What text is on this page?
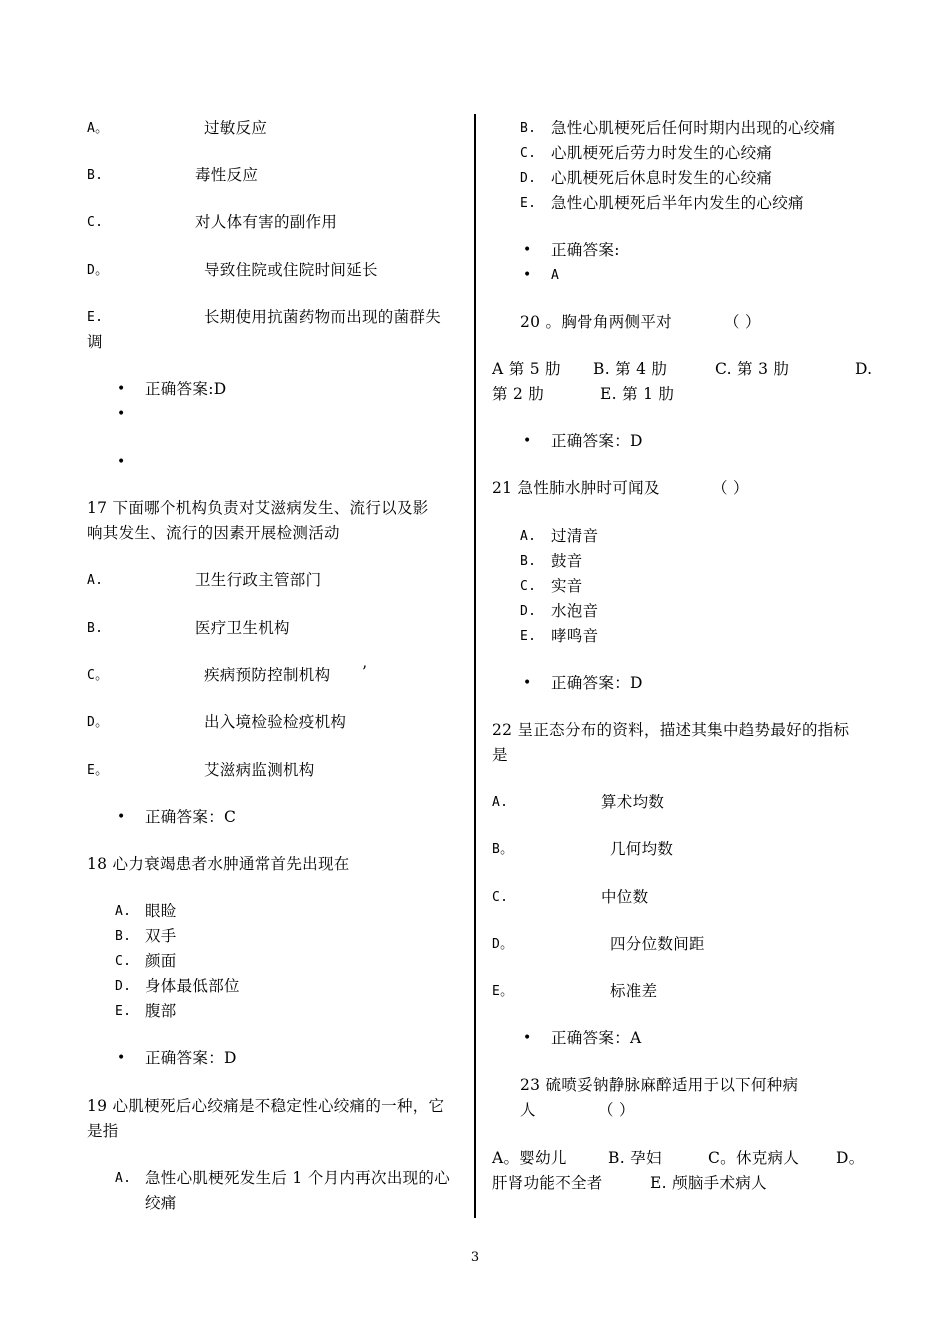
A。	过敏反应
B.	毒性反应
C.	对人体有害的副作用
D。	导致住院或住院时间延长
E.	长期使用抗菌药物而出现的菌群失
调
• 正确答案:D
•
•
17 下面哪个机构负责对艾滋病发生、流行以及影
响其发生、流行的因素开展检测活动
A.	卫生行政主管部门
B.	医疗卫生机构
C。	疾病预防控制机构 ’
D。	出入境检验检疫机构
E。	艾滋病监测机构
• 正确答案：C
18 心力衰竭患者水肿通常首先出现在
A. 眼睑
B. 双手
C. 颜面
D. 身体最低部位
E. 腹部
• 正确答案：D
19 心肌梗死后心绞痛是不稳定性心绞痛的一种，它
是指
A. 急性心肌梗死发生后 1 个月内再次出现的心
绞痛
B. 急性心肌梗死后任何时期内出现的心绞痛
C. 心肌梗死后劳力时发生的心绞痛
D. 心肌梗死后休息时发生的心绞痛
E. 急性心肌梗死后半年内发生的心绞痛
• 正确答案:
• A
20 。胸骨角两侧平对	（ ）
A 第 5 肋 B. 第 4 肋	C. 第 3 肋	D.
第 2 肋	E. 第 1 肋
• 正确答案：D
21 急性肺水肿时可闻及	（ ）
A. 过清音
B. 鼓音
C. 实音
D. 水泡音
E. 哮鸣音
• 正确答案：D
22 呈正态分布的资料，描述其集中趋势最好的指标
是
A.	算术均数
B。	几何均数
C.	中位数
D。	四分位数间距
E。	标准差
• 正确答案：A
23 硫喷妥钠静脉麻醉适用于以下何种病
人	（ ）
A。婴幼儿	B. 孕妇	C。休克病人 D。
肝肾功能不全者	E. 颅脑手术病人
3
